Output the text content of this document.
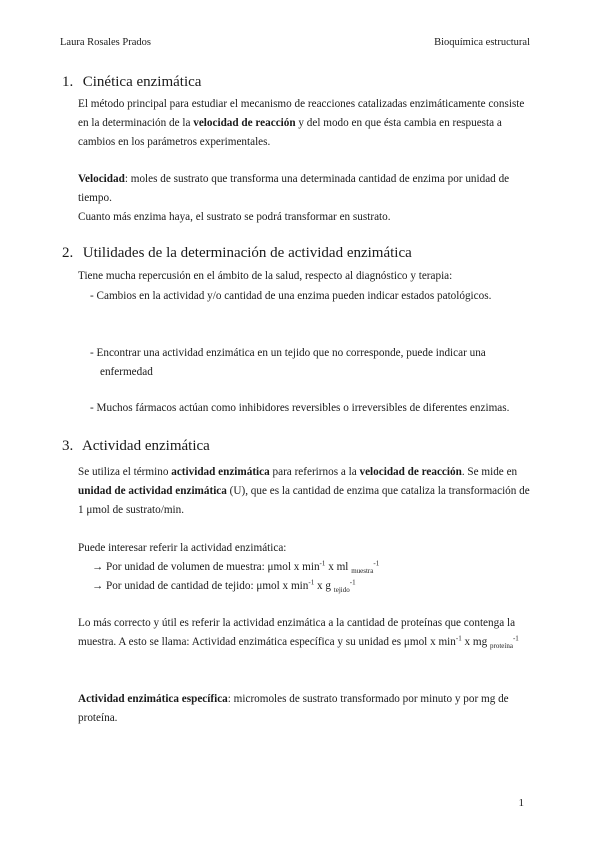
Laura Rosales Prados	Bioquímica estructural
1. Cinética enzimática

El método principal para estudiar el mecanismo de reacciones catalizadas enzimáticamente consiste en la determinación de la velocidad de reacción y del modo en que ésta cambia en respuesta a cambios en los parámetros experimentales.

Velocidad: moles de sustrato que transforma una determinada cantidad de enzima por unidad de tiempo.

Cuanto más enzima haya, el sustrato se podrá transformar en sustrato.

2. Utilidades de la determinación de actividad enzimática

Tiene mucha repercusión en el ámbito de la salud, respecto al diagnóstico y terapia:

- Cambios en la actividad y/o cantidad de una enzima pueden indicar estados patológicos.

- Encontrar una actividad enzimática en un tejido que no corresponde, puede indicar una enfermedad

- Muchos fármacos actúan como inhibidores reversibles o irreversibles de diferentes enzimas.

3. Actividad enzimática

Se utiliza el término actividad enzimática para referirnos a la velocidad de reacción. Se mide en unidad de actividad enzimática (U), que es la cantidad de enzima que cataliza la transformación de 1 μmol de sustrato/min.

Puede interesar referir la actividad enzimática:

→ Por unidad de volumen de muestra: μmol x $\min^{-1} x$ ml $_{muestra}^{-1}$

→ Por unidad de cantidad de tejido: μmol x $\min^{-1} x$ g $_{tejido}^{-1}$

Lo más correcto y útil es referir la actividad enzimática a la cantidad de proteínas que contenga la muestra. A esto se llama: Actividad enzimática específica y su unidad es μmol x $\min^{-1} x$ mg $_{proteína}^{-1}$

Actividad enzimática específica: micromoles de sustrato transformado por minuto y por mg de proteína.

1
